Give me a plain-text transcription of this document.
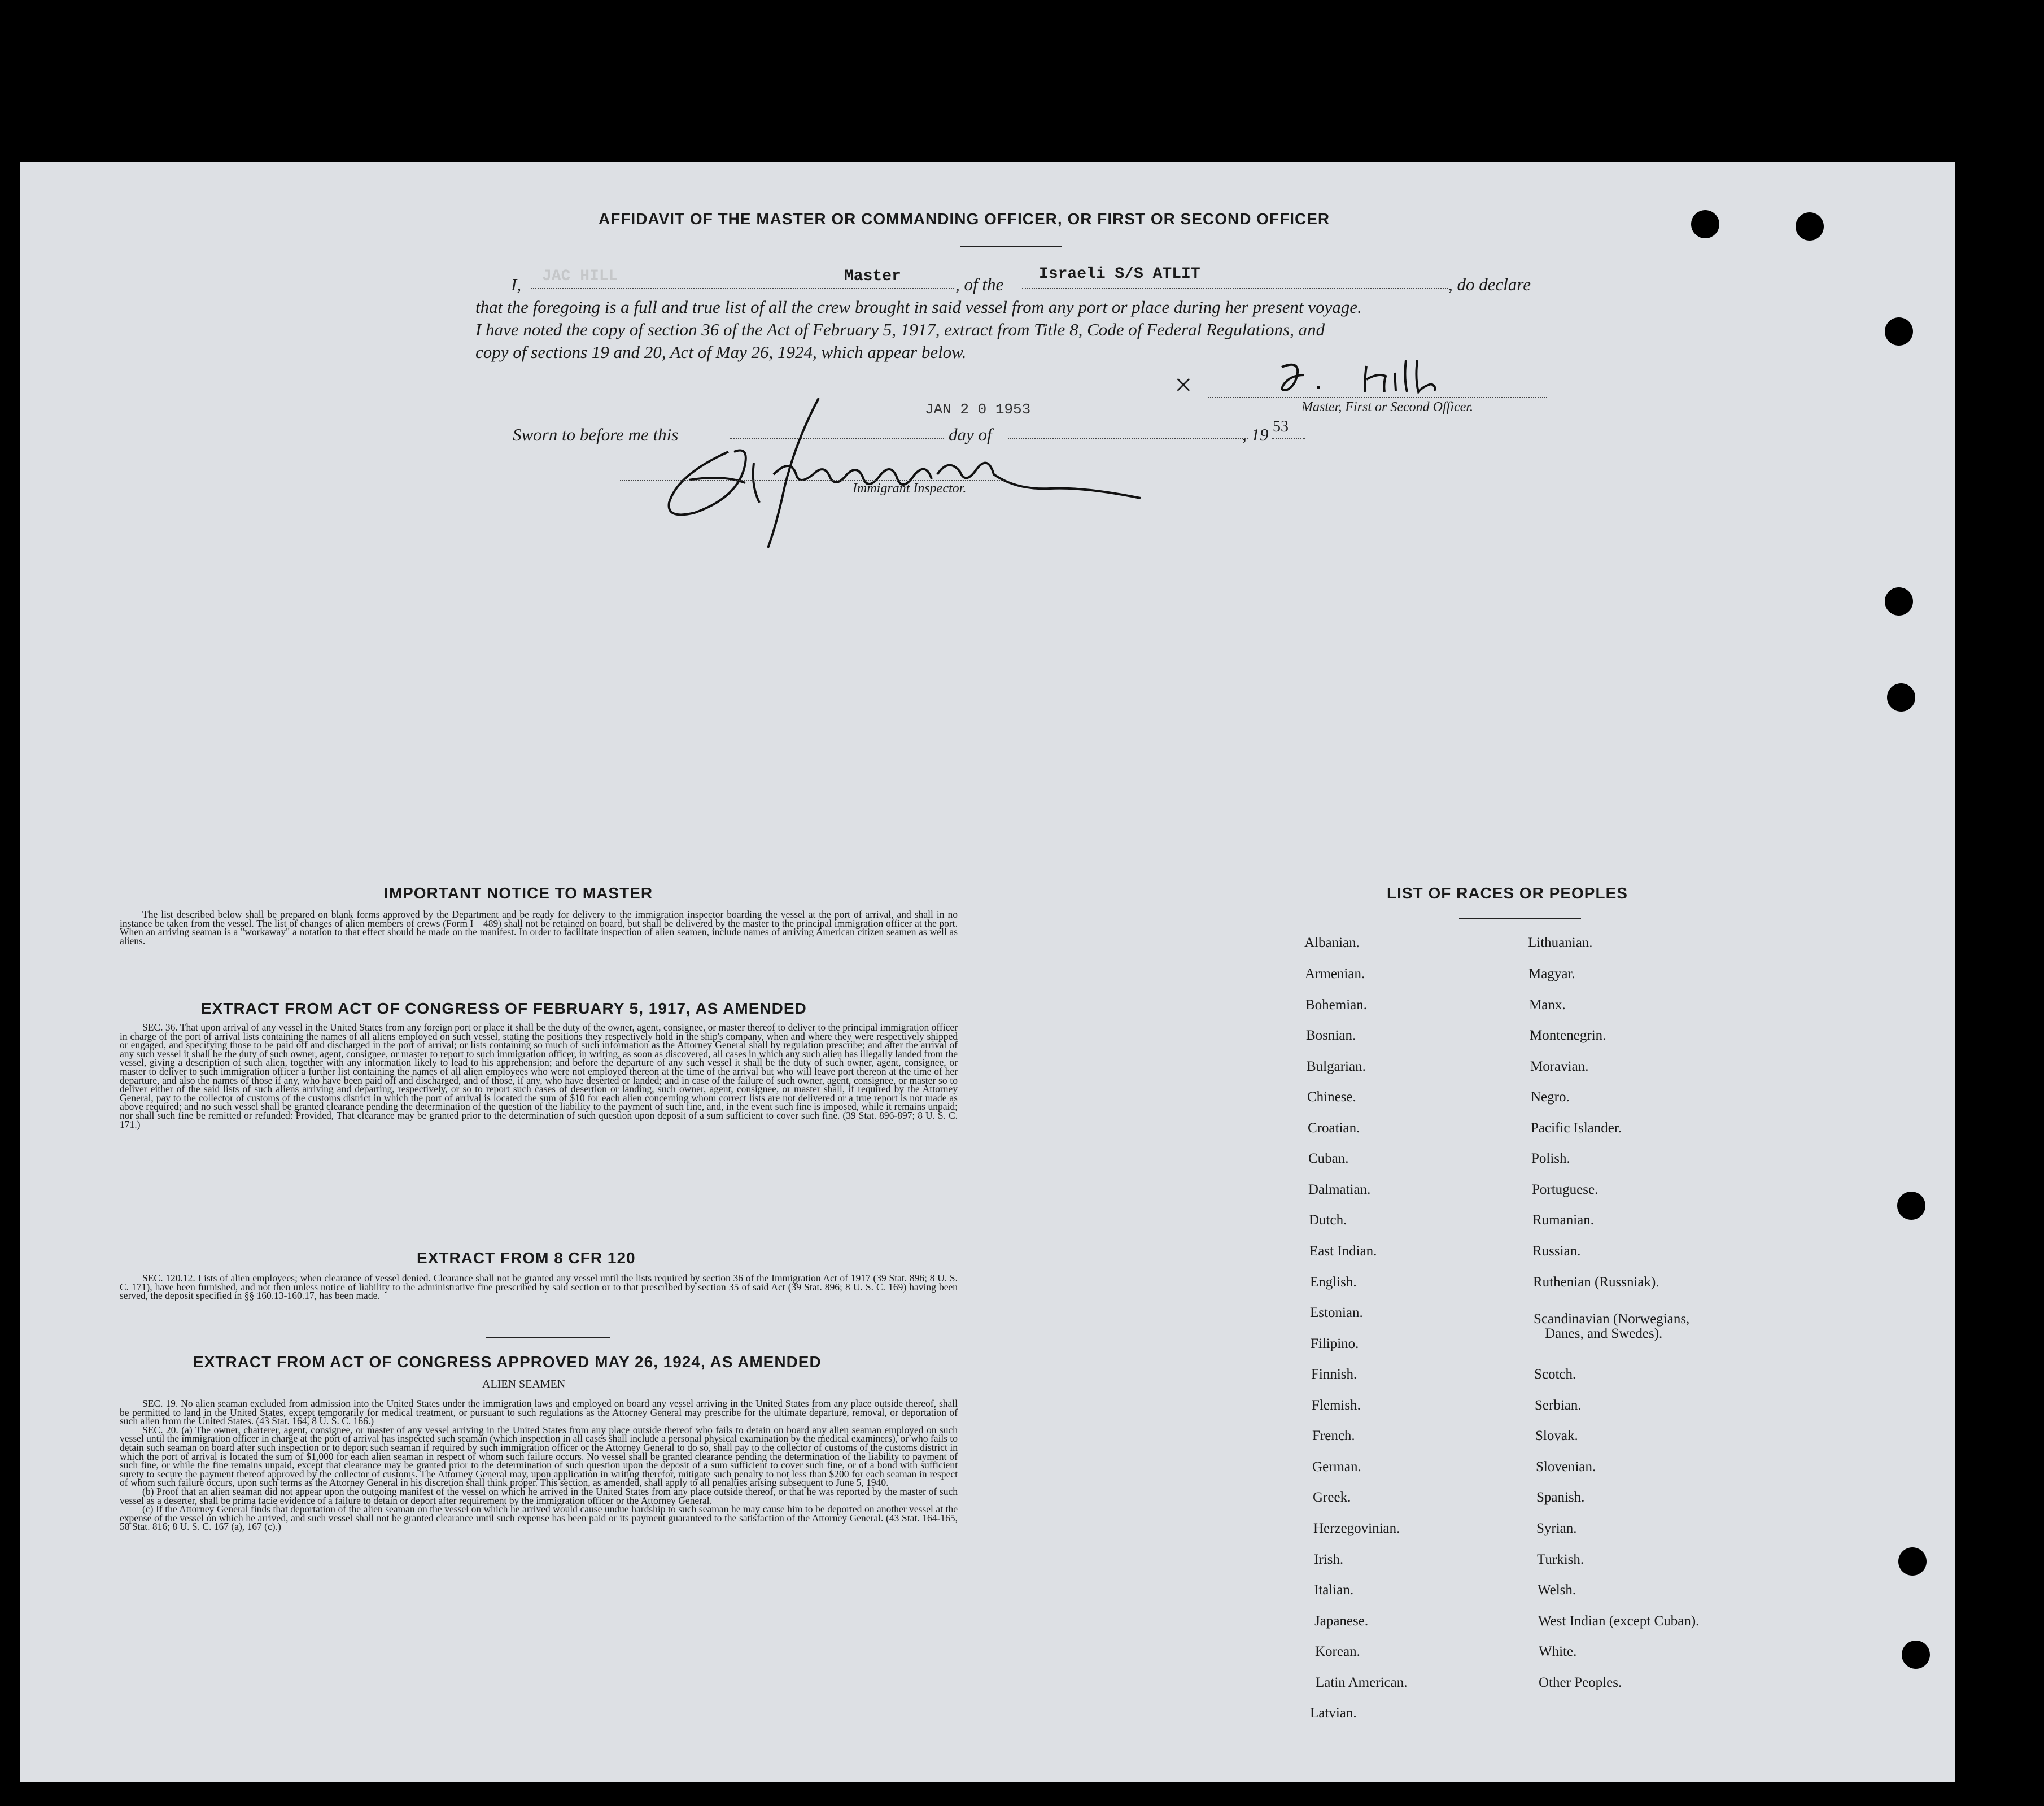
AFFIDAVIT OF THE MASTER OR COMMANDING OFFICER, OR FIRST OR SECOND OFFICER
I, JAC HILL	Master	, of the
Israeli S/S ATLIT
, do declare
that the foregoing is a full and true list of all the crew brought in said vessel from any port or place during her present voyage.
I have noted the copy of section 36 of the Act of February 5, 1917, extract from Title 8, Code of Federal Regulations, and
copy of sections 19 and 20, Act of May 26, 1924, which appear below.
×
Master, First or Second Officer.
Sworn to before me this
JAN 2 0 1953
day of	, 19 53
Immigrant Inspector.
IMPORTANT NOTICE TO MASTER

The list described below shall be prepared on blank forms approved by the Department and be ready for delivery to the immigration inspector boarding the vessel at the port of arrival, and shall in no instance be taken from the vessel. The list of changes of alien members of crews (Form I—489) shall not be retained on board, but shall be delivered by the master to the principal immigration officer at the port. When an arriving seaman is a "workaway" a notation to that effect should be made on the manifest. In order to facilitate inspection of alien seamen, include names of arriving American citizen seamen as well as aliens.

EXTRACT FROM ACT OF CONGRESS OF FEBRUARY 5, 1917, AS AMENDED

SEC. 36. That upon arrival of any vessel in the United States from any foreign port or place it shall be the duty of the owner, agent, consignee, or master thereof to deliver to the principal immigration officer in charge of the port of arrival lists containing the names of all aliens employed on such vessel, stating the positions they respectively hold in the ship's company, when and where they were respectively shipped or engaged, and specifying those to be paid off and discharged in the port of arrival; or lists containing so much of such information as the Attorney General shall by regulation prescribe; and after the arrival of any such vessel it shall be the duty of such owner, agent, consignee, or master to report to such immigration officer, in writing, as soon as discovered, all cases in which any such alien has illegally landed from the vessel, giving a description of such alien, together with any information likely to lead to his apprehension; and before the departure of any such vessel it shall be the duty of such owner, agent, consignee, or master to deliver to such immigration officer a further list containing the names of all alien employees who were not employed thereon at the time of the arrival but who will leave port thereon at the time of her departure, and also the names of those if any, who have been paid off and discharged, and of those, if any, who have deserted or landed; and in case of the failure of such owner, agent, consignee, or master so to deliver either of the said lists of such aliens arriving and departing, respectively, or so to report such cases of desertion or landing, such owner, agent, consignee, or master shall, if required by the Attorney General, pay to the collector of customs of the customs district in which the port of arrival is located the sum of $10 for each alien concerning whom correct lists are not delivered or a true report is not made as above required; and no such vessel shall be granted clearance pending the determination of the question of the liability to the payment of such fine, and, in the event such fine is imposed, while it remains unpaid; nor shall such fine be remitted or refunded: Provided, That clearance may be granted prior to the determination of such question upon deposit of a sum sufficient to cover such fine. (39 Stat. 896-897; 8 U. S. C. 171.)

EXTRACT FROM 8 CFR 120

SEC. 120.12. Lists of alien employees; when clearance of vessel denied. Clearance shall not be granted any vessel until the lists required by section 36 of the Immigration Act of 1917 (39 Stat. 896; 8 U. S. C. 171), have been furnished, and not then unless notice of liability to the administrative fine prescribed by said section or to that prescribed by section 35 of said Act (39 Stat. 896; 8 U. S. C. 169) having been served, the deposit specified in §§ 160.13-160.17, has been made.

EXTRACT FROM ACT OF CONGRESS APPROVED MAY 26, 1924, AS AMENDED
ALIEN SEAMEN

SEC. 19. No alien seaman excluded from admission into the United States under the immigration laws and employed on board any vessel arriving in the United States from any place outside thereof, shall be permitted to land in the United States, except temporarily for medical treatment, or pursuant to such regulations as the Attorney General may prescribe for the ultimate departure, removal, or deportation of such alien from the United States. (43 Stat. 164, 8 U. S. C. 166.)

SEC. 20. (a) The owner, charterer, agent, consignee, or master of any vessel arriving in the United States from any place outside thereof who fails to detain on board any alien seaman employed on such vessel until the immigration officer in charge at the port of arrival has inspected such seaman (which inspection in all cases shall include a personal physical examination by the medical examiners), or who fails to detain such seaman on board after such inspection or to deport such seaman if required by such immigration officer or the Attorney General to do so, shall pay to the collector of customs of the customs district in which the port of arrival is located the sum of $1,000 for each alien seaman in respect of whom such failure occurs. No vessel shall be granted clearance pending the determination of the liability to payment of such fine, or while the fine remains unpaid, except that clearance may be granted prior to the determination of such question upon the deposit of a sum sufficient to cover such fine, or of a bond with sufficient surety to secure the payment thereof approved by the collector of customs. The Attorney General may, upon application in writing therefor, mitigate such penalty to not less than $200 for each seaman in respect of whom such failure occurs, upon such terms as the Attorney General in his discretion shall think proper. This section, as amended, shall apply to all penalties arising subsequent to June 5, 1940.

(b) Proof that an alien seaman did not appear upon the outgoing manifest of the vessel on which he arrived in the United States from any place outside thereof, or that he was reported by the master of such vessel as a deserter, shall be prima facie evidence of a failure to detain or deport after requirement by the immigration officer or the Attorney General.

(c) If the Attorney General finds that deportation of the alien seaman on the vessel on which he arrived would cause undue hardship to such seaman he may cause him to be deported on another vessel at the expense of the vessel on which he arrived, and such vessel shall not be granted clearance until such expense has been paid or its payment guaranteed to the satisfaction of the Attorney General. (43 Stat. 164-165, 58 Stat. 816; 8 U. S. C. 167 (a), 167 (c).)

LIST OF RACES OR PEOPLES
Albanian.
Armenian.
Bohemian.
Bosnian.
Bulgarian.
Chinese.
Croatian.
Cuban.
Dalmatian.
Dutch.
East Indian.
English.
Estonian.
Filipino.
Finnish.
Flemish.
French.
German.
Greek.
Herzegovinian.
Irish.
Italian.
Japanese.
Korean.
Latin American.
Latvian.
Lithuanian.
Magyar.
Manx.
Montenegrin.
Moravian.
Negro.
Pacific Islander.
Polish.
Portuguese.
Rumanian.
Russian.
Ruthenian (Russniak).
Scandinavian (Norwegians,
Danes, and Swedes).
Scotch.
Serbian.
Slovak.
Slovenian.
Spanish.
Syrian.
Turkish.
Welsh.
West Indian (except Cuban).
White.
Other Peoples.
